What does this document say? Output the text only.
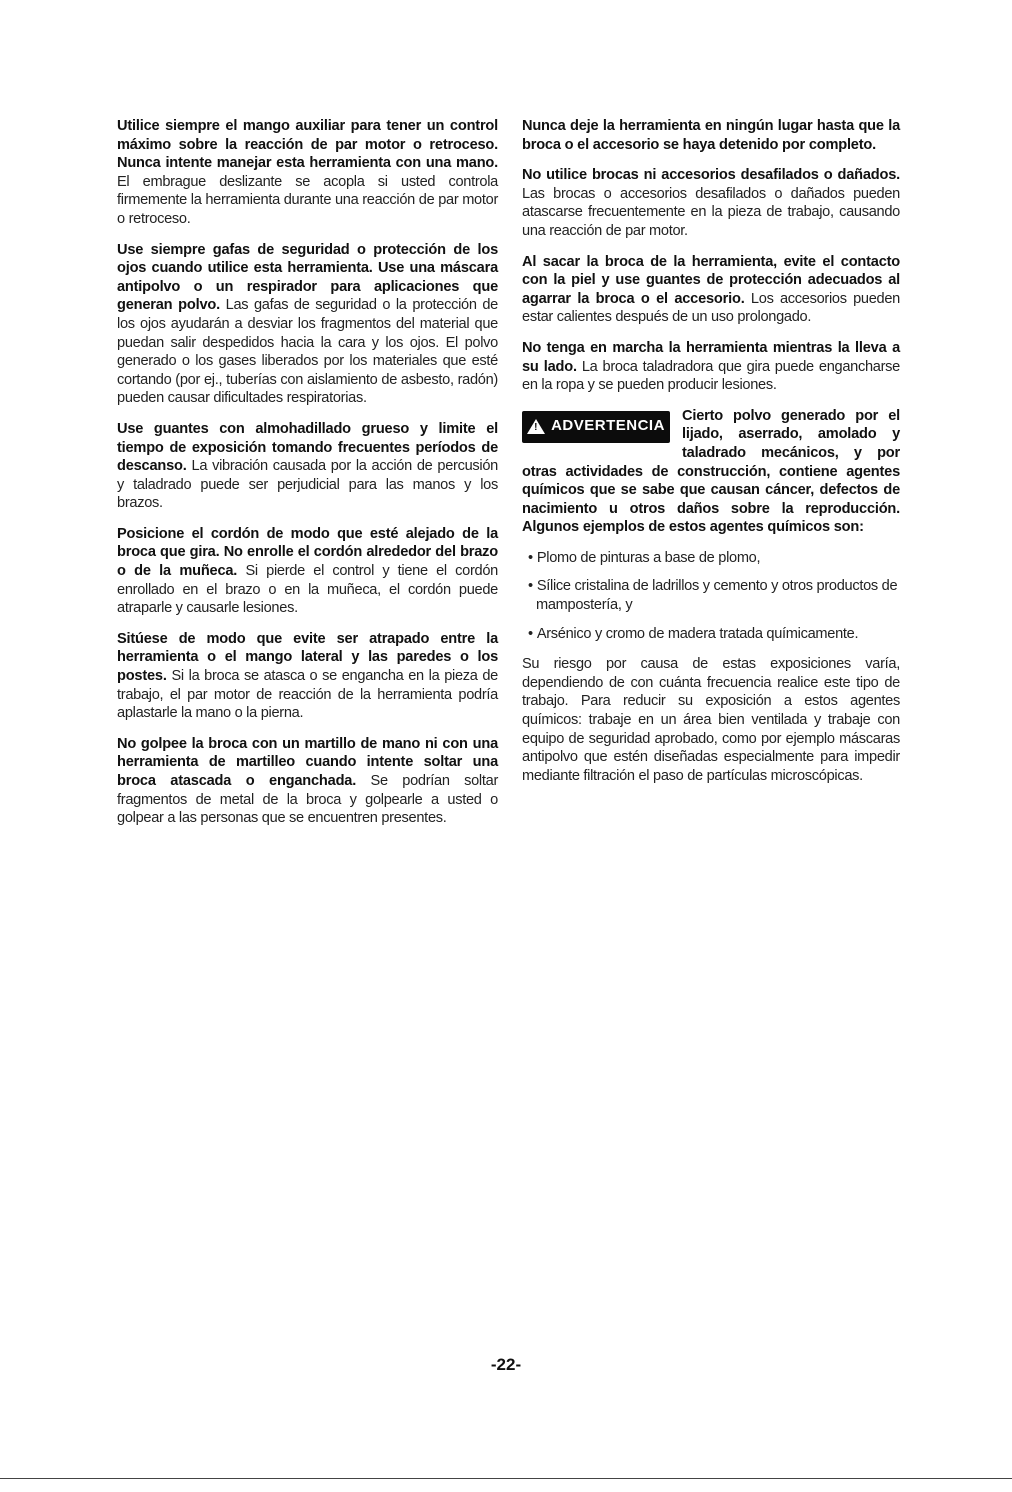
Utilice siempre el mango auxiliar para tener un control máximo sobre la reacción de par motor o retroceso. Nunca intente manejar esta herramienta con una mano. El embrague deslizante se acopla si usted controla firmemente la herramienta durante una reacción de par motor o retroceso.

Use siempre gafas de seguridad o protección de los ojos cuando utilice esta herramienta. Use una máscara antipolvo o un respirador para aplicaciones que generan polvo. Las gafas de seguridad o la protección de los ojos ayudarán a desviar los fragmentos del material que puedan salir despedidos hacia la cara y los ojos. El polvo generado o los gases liberados por los materiales que esté cortando (por ej., tuberías con aislamiento de asbesto, radón) pueden causar dificultades respiratorias.

Use guantes con almohadillado grueso y limite el tiempo de exposición tomando frecuentes períodos de descanso. La vibración causada por la acción de percusión y taladrado puede ser perjudicial para las manos y los brazos.

Posicione el cordón de modo que esté alejado de la broca que gira. No enrolle el cordón alrededor del brazo o de la muñeca. Si pierde el control y tiene el cordón enrollado en el brazo o en la muñeca, el cordón puede atraparle y causarle lesiones.

Sitúese de modo que evite ser atrapado entre la herramienta o el mango lateral y las paredes o los postes. Si la broca se atasca o se engancha en la pieza de trabajo, el par motor de reacción de la herramienta podría aplastarle la mano o la pierna.

No golpee la broca con un martillo de mano ni con una herramienta de martilleo cuando intente soltar una broca atascada o enganchada. Se podrían soltar fragmentos de metal de la broca y golpearle a usted o golpear a las personas que se encuentren presentes.

Nunca deje la herramienta en ningún lugar hasta que la broca o el accesorio se haya detenido por completo.

No utilice brocas ni accesorios desafilados o dañados. Las brocas o accesorios desafilados o dañados pueden atascarse frecuentemente en la pieza de trabajo, causando una reacción de par motor.

Al sacar la broca de la herramienta, evite el contacto con la piel y use guantes de protección adecuados al agarrar la broca o el accesorio. Los accesorios pueden estar calientes después de un uso prolongado.

No tenga en marcha la herramienta mientras la lleva a su lado. La broca taladradora que gira puede engancharse en la ropa y se pueden producir lesiones.

! ADVERTENCIA

Cierto polvo generado por el lijado, aserrado, amolado y taladrado mecánicos, y por otras actividades de construcción, contiene agentes químicos que se sabe que causan cáncer, defectos de nacimiento u otros daños sobre la reproducción. Algunos ejemplos de estos agentes químicos son:

• Plomo de pinturas a base de plomo,
• Sílice cristalina de ladrillos y cemento y otros productos de mampostería, y
• Arsénico y cromo de madera tratada químicamente.

Su riesgo por causa de estas exposiciones varía, dependiendo de con cuánta frecuencia realice este tipo de trabajo. Para reducir su exposición a estos agentes químicos: trabaje en un área bien ventilada y trabaje con equipo de seguridad aprobado, como por ejemplo máscaras antipolvo que estén diseñadas especialmente para impedir mediante filtración el paso de partículas microscópicas.

-22-
